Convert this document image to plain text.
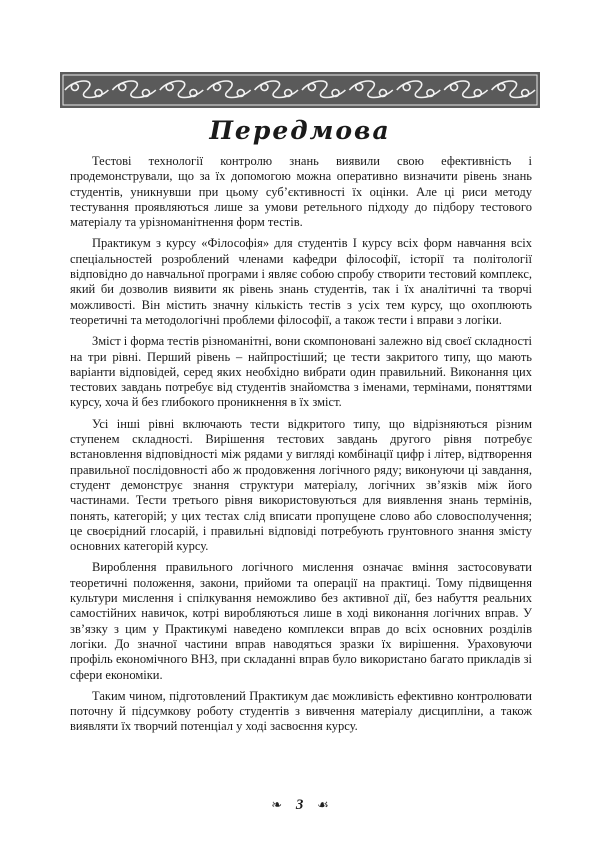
Передмова

Тестові технології контролю знань виявили свою ефективність і продемонстрували, що за їх допомогою можна оперативно визначити рівень знань студентів, уникнувши при цьому суб’єктивності їх оцінки. Але ці риси методу тестування проявляються лише за умови ретельного підходу до підбору тестового матеріалу та урізноманітнення форм тестів.

Практикум з курсу «Філософія» для студентів І курсу всіх форм навчання всіх спеціальностей розроблений членами кафедри філософії, історії та політології відповідно до навчальної програми і являє собою спробу створити тестовий комплекс, який би дозволив виявити як рівень знань студентів, так і їх аналітичні та творчі можливості. Він містить значну кількість тестів з усіх тем курсу, що охоплюють теоретичні та методологічні проблеми філософії, а також тести і вправи з логіки.

Зміст і форма тестів різноманітні, вони скомпоновані залежно від своєї складності на три рівні. Перший рівень – найпростіший; це тести закритого типу, що мають варіанти відповідей, серед яких необхідно вибрати один правильний. Виконання цих тестових завдань потребує від студентів знайомства з іменами, термінами, поняттями курсу, хоча й без глибокого проникнення в їх зміст.

Усі інші рівні включають тести відкритого типу, що відрізняються різним ступенем складності. Вирішення тестових завдань другого рівня потребує встановлення відповідності між рядами у вигляді комбінації цифр і літер, відтворення правильної послідовності або ж продовження логічного ряду; виконуючи ці завдання, студент демонструє знання структури матеріалу, логічних зв’язків між його частинами. Тести третього рівня використовуються для виявлення знань термінів, понять, категорій; у цих тестах слід вписати пропущене слово або словосполучення; це своєрідний глосарій, і правильні відповіді потребують грунтовного знання змісту основних категорій курсу.

Вироблення правильного логічного мислення означає вміння застосовувати теоретичні положення, закони, прийоми та операції на практиці. Тому підвищення культури мислення і спілкування неможливо без активної дії, без набуття реальних самостійних навичок, котрі виробляються лише в ході виконання логічних вправ. У зв’язку з цим у Практикумі наведено комплекси вправ до всіх основних розділів логіки. До значної частини вправ наводяться зразки їх вирішення. Ураховуючи профіль економічного ВНЗ, при складанні вправ було використано багато прикладів зі сфери економіки.

Таким чином, підготовлений Практикум дає можливість ефективно контролювати поточну й підсумкову роботу студентів з вивчення матеріалу дисципліни, а також виявляти їх творчий потенціал у ході засвоєння курсу.

❧ 3 ☙
